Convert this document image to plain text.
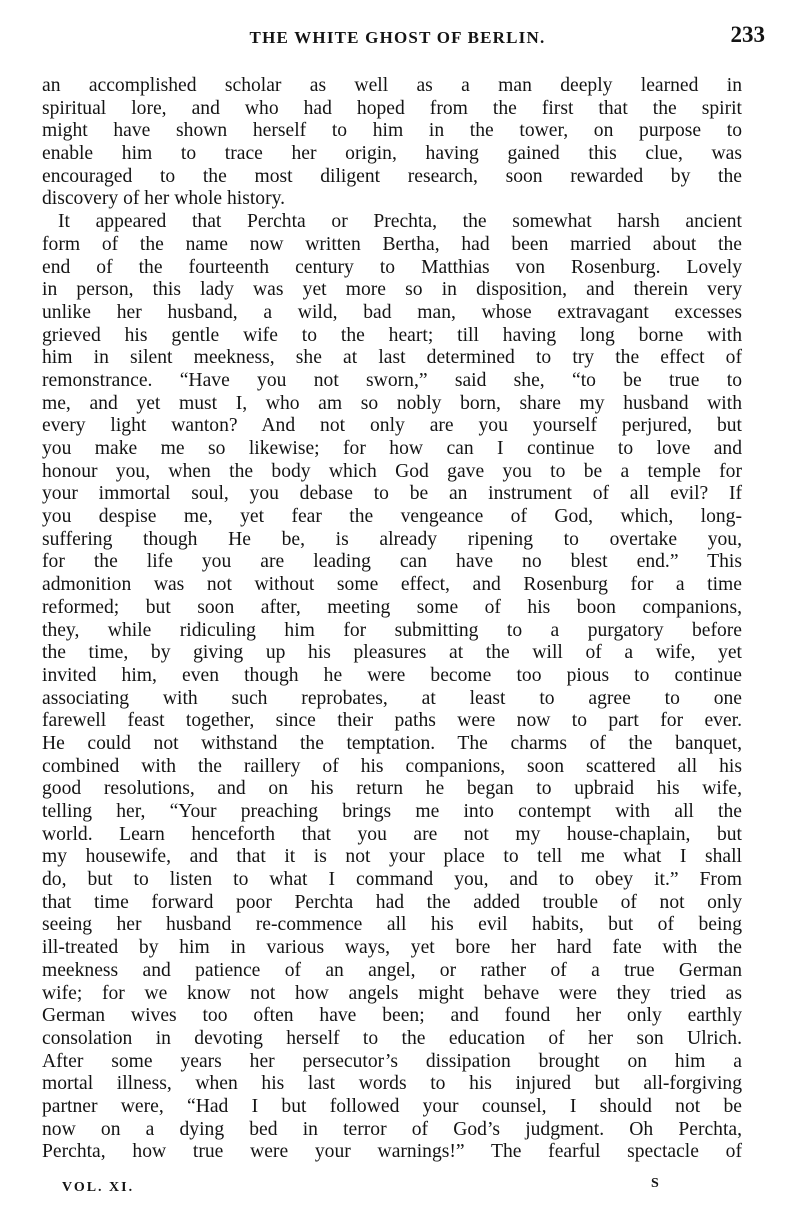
THE WHITE GHOST OF BERLIN.	233
an accomplished scholar as well as a man deeply learned in
spiritual lore, and who had hoped from the first that the spirit
might have shown herself to him in the tower, on purpose to
enable him to trace her origin, having gained this clue, was
encouraged to the most diligent research, soon rewarded by the
discovery of her whole history.
It appeared that Perchta or Prechta, the somewhat harsh ancient
form of the name now written Bertha, had been married about the
end of the fourteenth century to Matthias von Rosenburg. Lovely
in person, this lady was yet more so in disposition, and therein very
unlike her husband, a wild, bad man, whose extravagant excesses
grieved his gentle wife to the heart; till having long borne with
him in silent meekness, she at last determined to try the effect of
remonstrance. “Have you not sworn,” said she, “to be true to
me, and yet must I, who am so nobly born, share my husband with
every light wanton? And not only are you yourself perjured, but
you make me so likewise; for how can I continue to love and
honour you, when the body which God gave you to be a temple for
your immortal soul, you debase to be an instrument of all evil? If
you despise me, yet fear the vengeance of God, which, long-
suffering though He be, is already ripening to overtake you,
for the life you are leading can have no blest end.” This
admonition was not without some effect, and Rosenburg for a time
reformed; but soon after, meeting some of his boon companions,
they, while ridiculing him for submitting to a purgatory before
the time, by giving up his pleasures at the will of a wife, yet
invited him, even though he were become too pious to continue
associating with such reprobates, at least to agree to one
farewell feast together, since their paths were now to part for ever.
He could not withstand the temptation. The charms of the banquet,
combined with the raillery of his companions, soon scattered all his
good resolutions, and on his return he began to upbraid his wife,
telling her, “Your preaching brings me into contempt with all the
world. Learn henceforth that you are not my house-chaplain, but
my housewife, and that it is not your place to tell me what I shall
do, but to listen to what I command you, and to obey it.” From
that time forward poor Perchta had the added trouble of not only
seeing her husband re-commence all his evil habits, but of being
ill-treated by him in various ways, yet bore her hard fate with the
meekness and patience of an angel, or rather of a true German
wife; for we know not how angels might behave were they tried as
German wives too often have been; and found her only earthly
consolation in devoting herself to the education of her son Ulrich.
After some years her persecutor’s dissipation brought on him a
mortal illness, when his last words to his injured but all-forgiving
partner were, “Had I but followed your counsel, I should not be
now on a dying bed in terror of God’s judgment. Oh Perchta,
Perchta, how true were your warnings!” The fearful spectacle of
VOL. XI.	S
